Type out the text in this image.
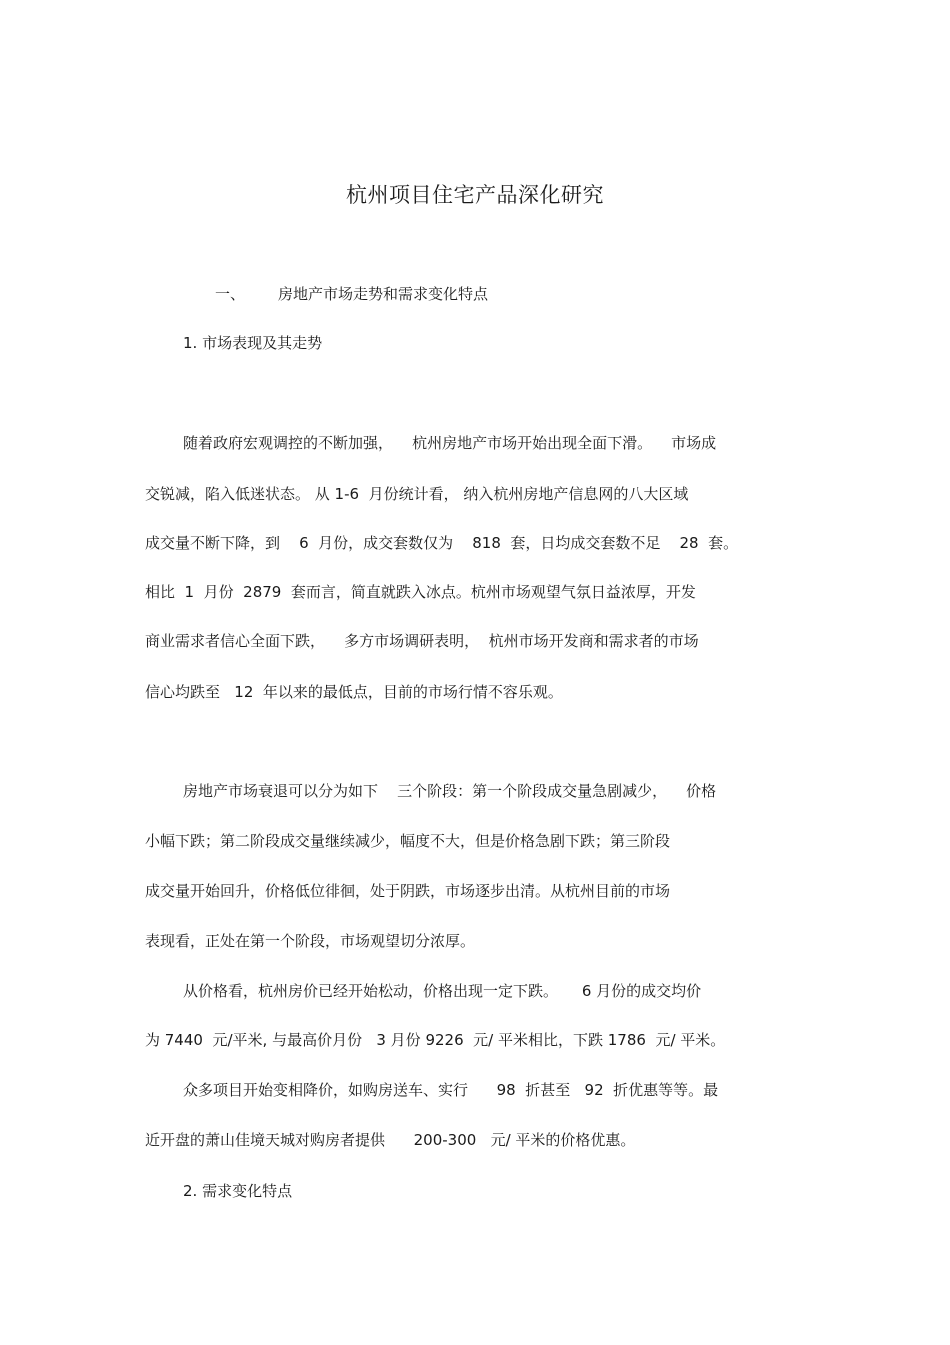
杭州项目住宅产品深化研究
一、 房地产市场走势和需求变化特点
1. 市场表现及其走势
随着政府宏观调控的不断加强，    杭州房地产市场开始出现全面下滑。    市场成
交锐减，陷入低迷状态。 从 1-6  月份统计看， 纳入杭州房地产信息网的八大区域
成交量不断下降，到    6  月份，成交套数仅为    818  套，日均成交套数不足    28  套。
相比  1  月份  2879  套而言，简直就跌入冰点。杭州市场观望气氛日益浓厚，开发
商业需求者信心全面下跌，    多方市场调研表明，  杭州市场开发商和需求者的市场
信心均跌至   12  年以来的最低点，目前的市场行情不容乐观。
房地产市场衰退可以分为如下    三个阶段：第一个阶段成交量急剧减少，    价格
小幅下跌；第二阶段成交量继续减少，幅度不大，但是价格急剧下跌；第三阶段
成交量开始回升，价格低位徘徊，处于阴跌，市场逐步出清。从杭州目前的市场
表现看，正处在第一个阶段，市场观望切分浓厚。
从价格看，杭州房价已经开始松动，价格出现一定下跌。     6 月份的成交均价
为 7440  元/平米, 与最高价月份   3 月份 9226  元/ 平米相比，下跌 1786  元/ 平米。
众多项目开始变相降价，如购房送车、实行      98  折甚至   92  折优惠等等。最
近开盘的萧山佳境天城对购房者提供      200-300   元/ 平米的价格优惠。
2. 需求变化特点
